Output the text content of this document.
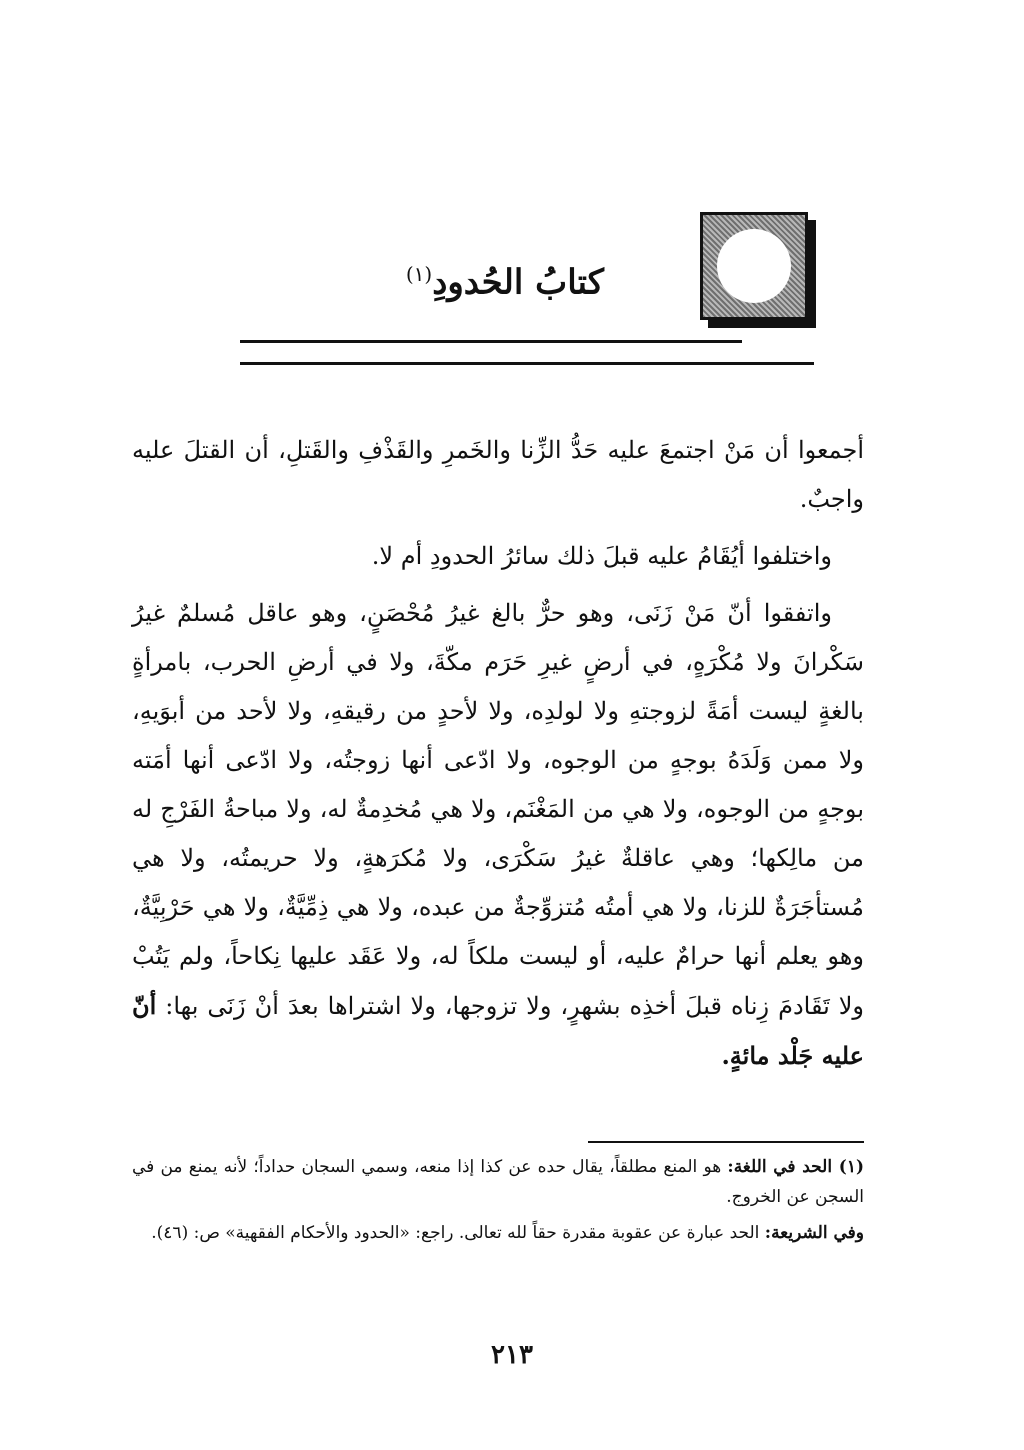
كتابُ الحُدودِ$^{(١)}$

أجمعوا أن مَنْ اجتمعَ عليه حَدُّ الزِّنا والخَمرِ والقَذْفِ والقَتلِ، أن القتلَ عليه واجبٌ.

واختلفوا أيُقَامُ عليه قبلَ ذلك سائرُ الحدودِ أم لا.

واتفقوا أنّ مَنْ زَنَى، وهو حرٌّ بالغ غيرُ مُحْصَنٍ، وهو عاقل مُسلمٌ غيرُ سَكْرانَ ولا مُكْرَهٍ، في أرضٍ غيرِ حَرَم مكّةَ، ولا في أرضِ الحرب، بامرأةٍ بالغةٍ ليست أمَةً لزوجتهِ ولا لولدِه، ولا لأحدٍ من رقيقهِ، ولا لأحد من أبوَيهِ، ولا ممن وَلَدَهُ بوجهٍ من الوجوه، ولا ادّعى أنها زوجتُه، ولا ادّعى أنها أمَته بوجهٍ من الوجوه، ولا هي من المَغْنَم، ولا هي مُخدِمةٌ له، ولا مباحةُ الفَرْجِ له من مالِكها؛ وهي عاقلةٌ غيرُ سَكْرَى، ولا مُكرَهةٍ، ولا حريمتُه، ولا هي مُستأجَرَةٌ للزنا، ولا هي أمتُه مُتزوِّجةٌ من عبده، ولا هي ذِمِّيَّةٌ، ولا هي حَرْبِيَّةٌ، وهو يعلم أنها حرامٌ عليه، أو ليست ملكاً له، ولا عَقَد عليها نِكاحاً، ولم يَتُبْ ولا تَقَادمَ زِناه قبلَ أخذِه بشهرٍ، ولا تزوجها، ولا اشتراها بعدَ أنْ زَنَى بها: أنّ عليه جَلْد مائةٍ.

(١) الحد في اللغة: هو المنع مطلقاً، يقال حده عن كذا إذا منعه، وسمي السجان حداداً؛ لأنه يمنع من في السجن عن الخروج.

وفي الشريعة: الحد عبارة عن عقوبة مقدرة حقاً لله تعالى. راجع: «الحدود والأحكام الفقهية» ص: (٤٦).

٢١٣
